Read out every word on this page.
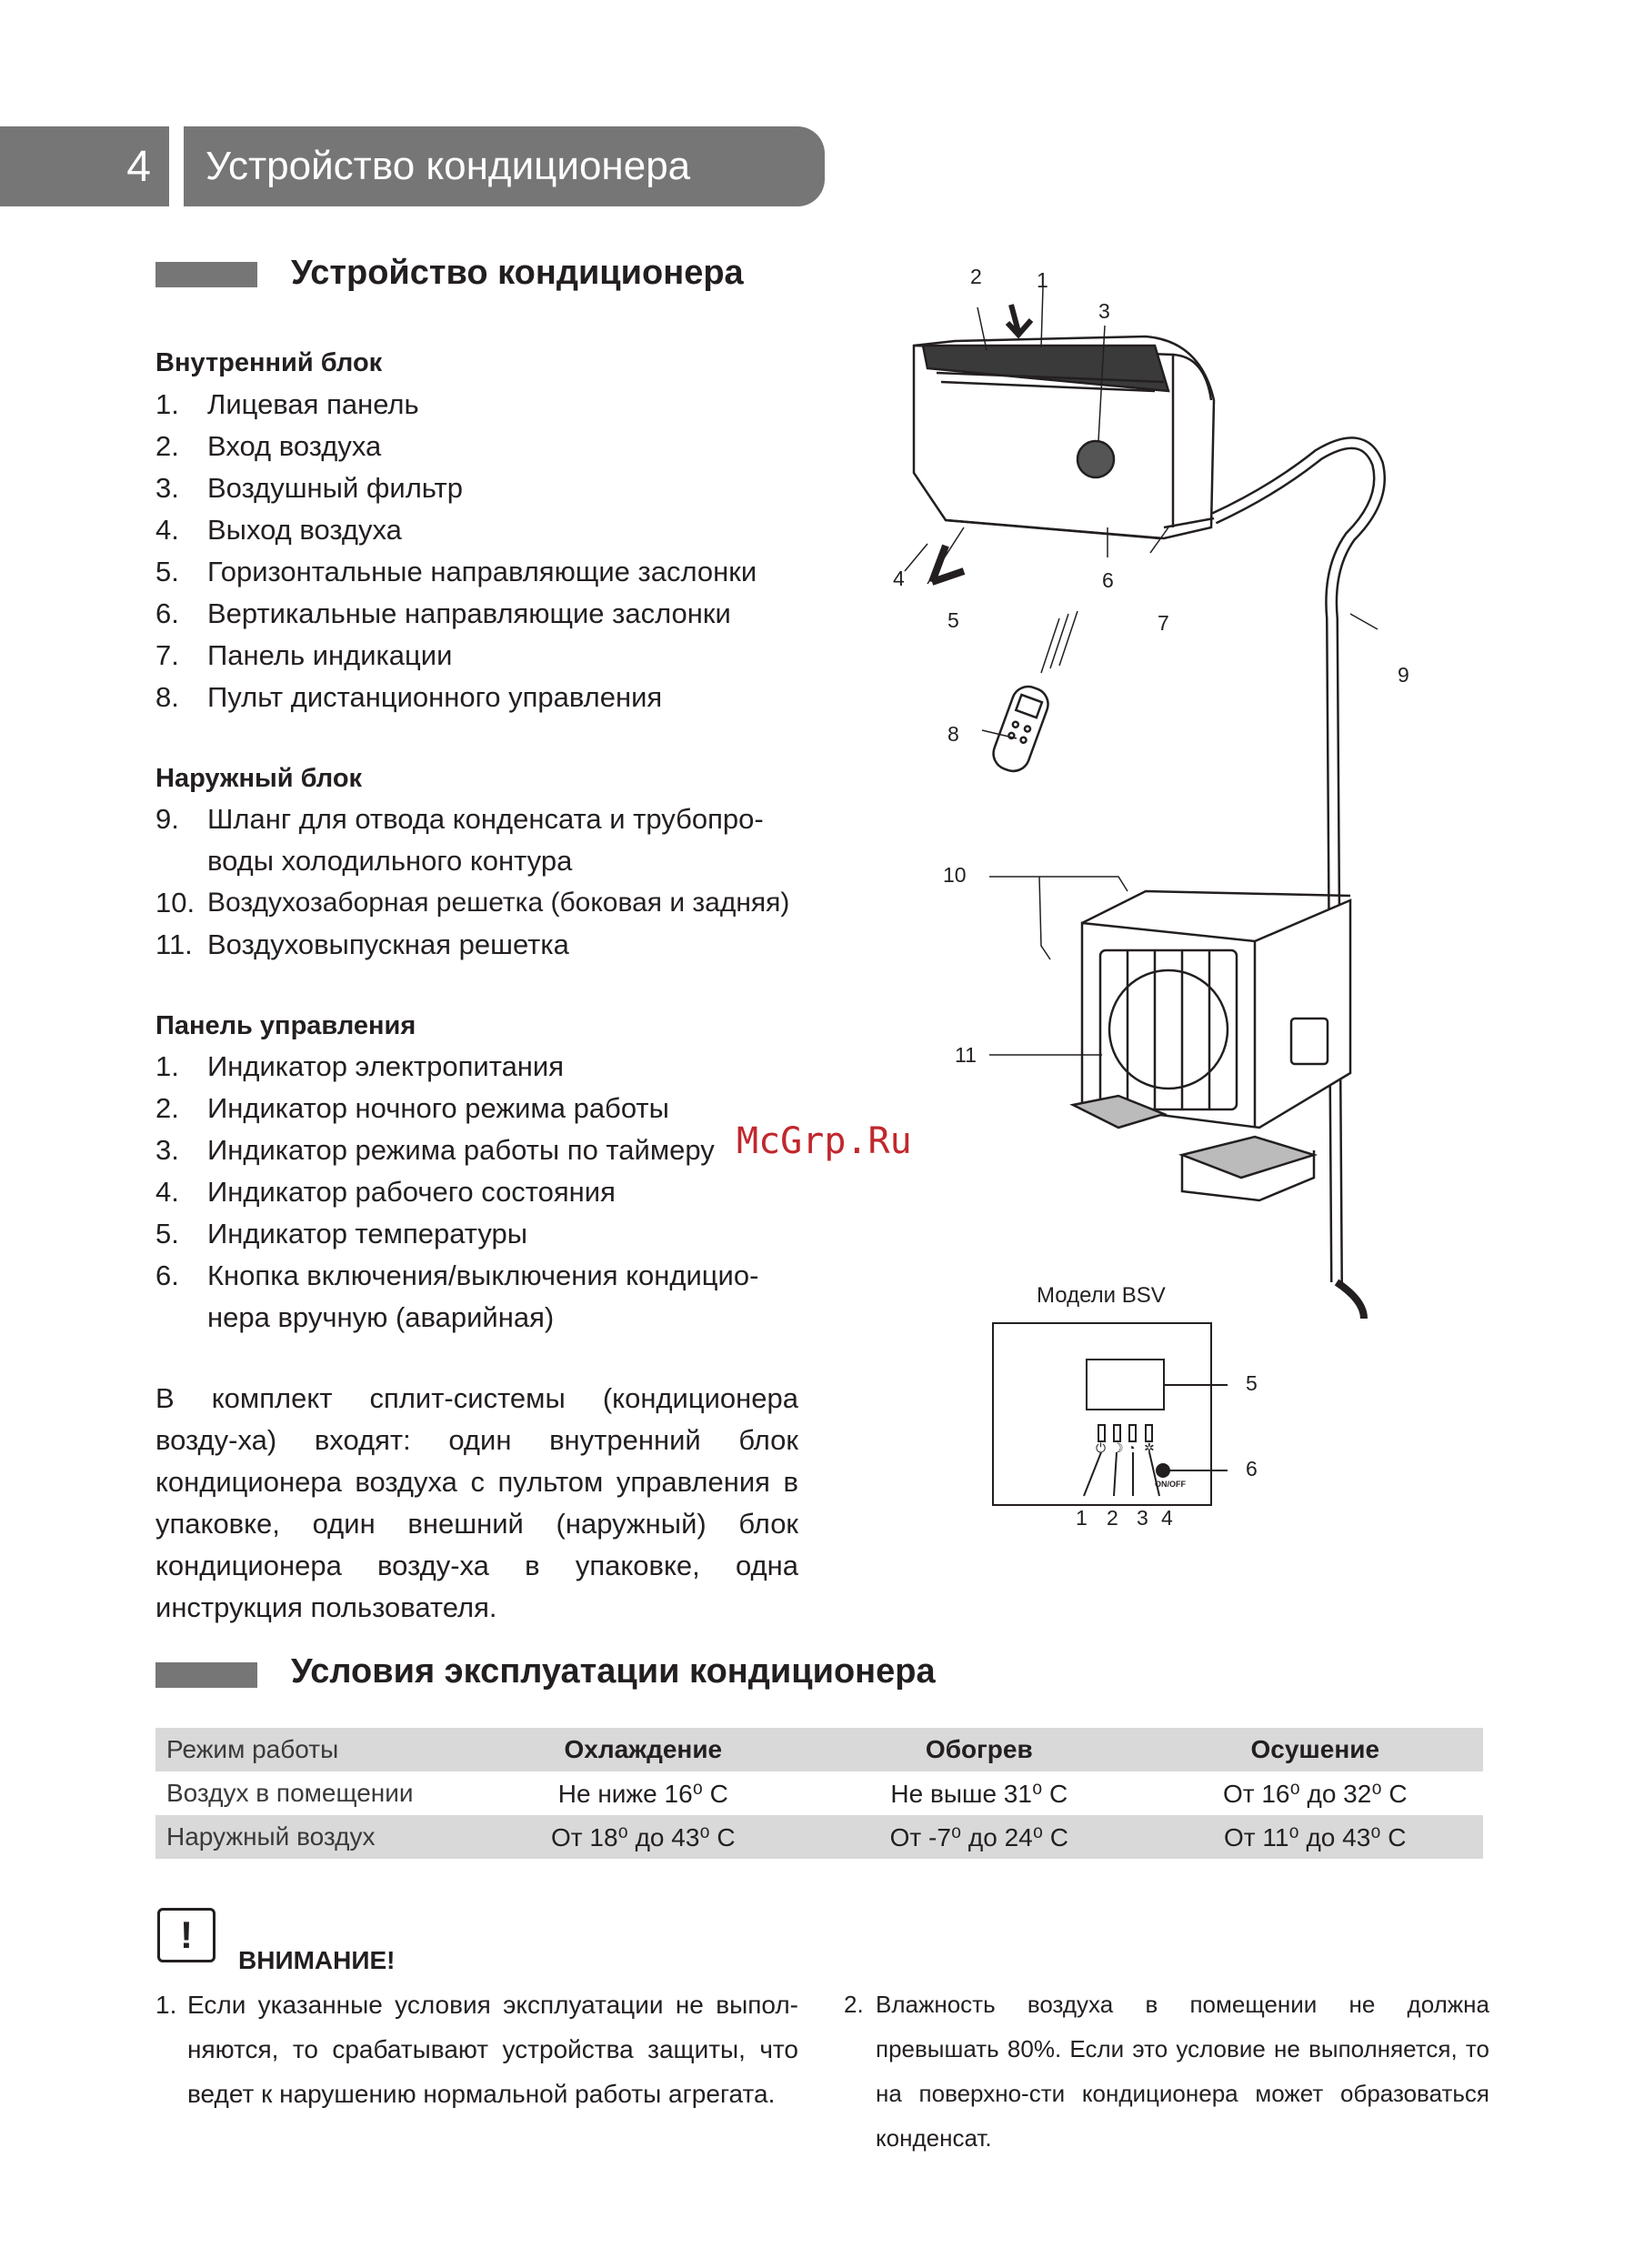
4	Устройство кондиционера
Устройство кондиционера
Внутренний блок
1.	Лицевая панель
2.	Вход воздуха
3.	Воздушный фильтр
4.	Выход воздуха
5.	Горизонтальные направляющие заслонки
6.	Вертикальные направляющие заслонки
7.	Панель индикации
8.	Пульт дистанционного управления
Наружный блок
9.	Шланг для отвода конденсата и трубопро-
воды холодильного контура
10. Воздухозаборная решетка (боковая и задняя)
11. Воздуховыпускная решетка
Панель управления
1.	Индикатор электропитания
2.	Индикатор ночного режима работы
3.	Индикатор режима работы по таймеру
4.	Индикатор рабочего состояния
5.	Индикатор температуры
6.	Кнопка включения/выключения кондицио-
нера вручную (аварийная)
В комплект сплит-системы (кондиционера возду-ха) входят: один внутренний блок кондиционера воздуха с пультом управления в упаковке, один внешний (наружный) блок кондиционера возду-ха в упаковке, одна инструкция пользователя.
McGrp.Ru
2	1
3
4
5
6
7
8
9
10
11
Модели BSV
⏻ ☽ ◔ ✲
ON/OFF
5
6
1 2 3 4
Условия эксплуатации кондиционера
Режим работы	Охлаждение	Обогрев	Осушение
Воздух в помещении	Не ниже 16⁰ C	Не выше 31⁰ C	От 16⁰ до 32⁰ C
Наружный воздух	От 18⁰ до 43⁰ C	От -7⁰ до 24⁰ C	От 11⁰ до 43⁰ C
!
ВНИМАНИЕ!
1. Если указанные условия эксплуатации не выпол-няются, то срабатывают устройства защиты, что ведет к нарушению нормальной работы агрегата.
2. Влажность воздуха в помещении не должна превышать 80%. Если это условие не выполняется, то на поверхно-сти кондиционера может образоваться конденсат.
